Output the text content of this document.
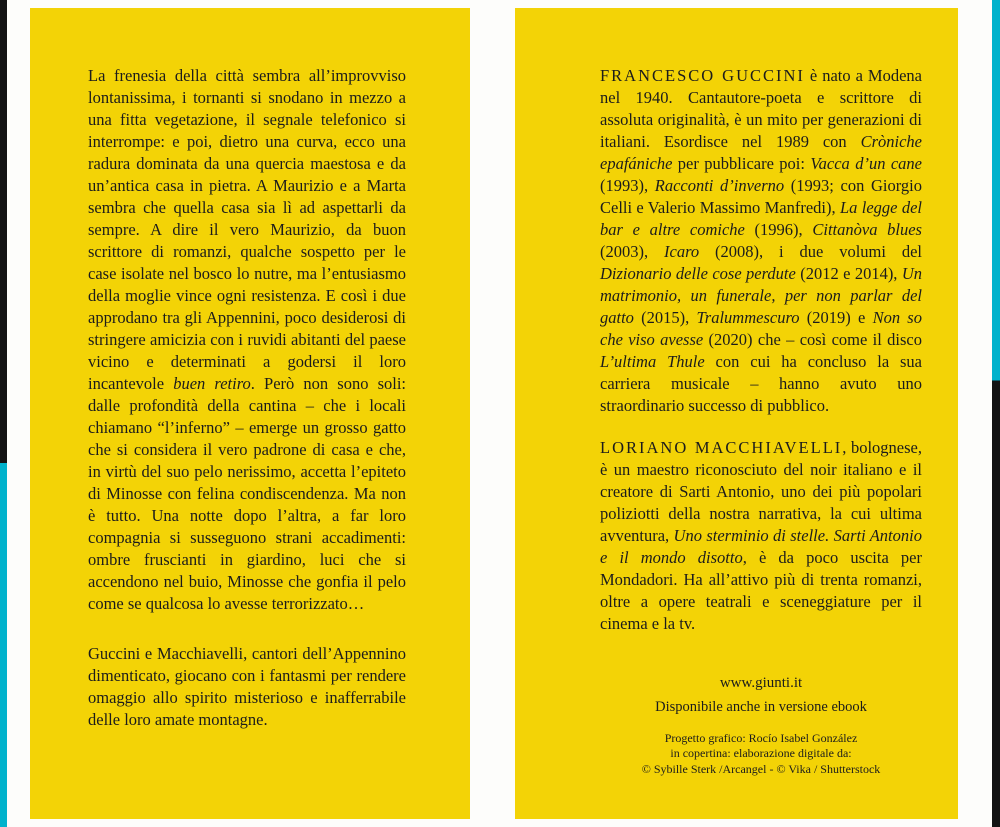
La frenesia della città sembra all’improvviso lontanissima, i tornanti si snodano in mezzo a una fitta vegetazione, il segnale telefonico si interrompe: e poi, dietro una curva, ecco una radura dominata da una quercia maestosa e da un’antica casa in pietra. A Maurizio e a Marta sembra che quella casa sia lì ad aspettarli da sempre. A dire il vero Maurizio, da buon scrittore di romanzi, qualche sospetto per le case isolate nel bosco lo nutre, ma l’entusiasmo della moglie vince ogni resistenza. E così i due approdano tra gli Appennini, poco desiderosi di stringere amicizia con i ruvidi abitanti del paese vicino e determinati a godersi il loro incantevole buen retiro. Però non sono soli: dalle profondità della cantina – che i locali chiamano “l’inferno” – emerge un grosso gatto che si considera il vero padrone di casa e che, in virtù del suo pelo nerissimo, accetta l’epiteto di Minosse con felina condiscendenza. Ma non è tutto. Una notte dopo l’altra, a far loro compagnia si susseguono strani accadimenti: ombre fruscianti in giardino, luci che si accendono nel buio, Minosse che gonfia il pelo come se qualcosa lo avesse terrorizzato…

Guccini e Macchiavelli, cantori dell’Appennino dimenticato, giocano con i fantasmi per rendere omaggio allo spirito misterioso e inafferrabile delle loro amate montagne.

FRANCESCO GUCCINI è nato a Modena nel 1940. Cantautore-poeta e scrittore di assoluta originalità, è un mito per generazioni di italiani. Esordisce nel 1989 con Cròniche epafániche per pubblicare poi: Vacca d’un cane (1993), Racconti d’inverno (1993; con Giorgio Celli e Valerio Massimo Manfredi), La legge del bar e altre comiche (1996), Cittanòva blues (2003), Icaro (2008), i due volumi del Dizionario delle cose perdute (2012 e 2014), Un matrimonio, un funerale, per non parlar del gatto (2015), Tralummescuro (2019) e Non so che viso avesse (2020) che – così come il disco L’ultima Thule con cui ha concluso la sua carriera musicale – hanno avuto uno straordinario successo di pubblico.

LORIANO MACCHIAVELLI, bolognese, è un maestro riconosciuto del noir italiano e il creatore di Sarti Antonio, uno dei più popolari poliziotti della nostra narrativa, la cui ultima avventura, Uno sterminio di stelle. Sarti Antonio e il mondo disotto, è da poco uscita per Mondadori. Ha all’attivo più di trenta romanzi, oltre a opere teatrali e sceneggiature per il cinema e la tv.

www.giunti.it
Disponibile anche in versione ebook
Progetto grafico: Rocío Isabel González
in copertina: elaborazione digitale da:
© Sybille Sterk /Arcangel - © Vika / Shutterstock
